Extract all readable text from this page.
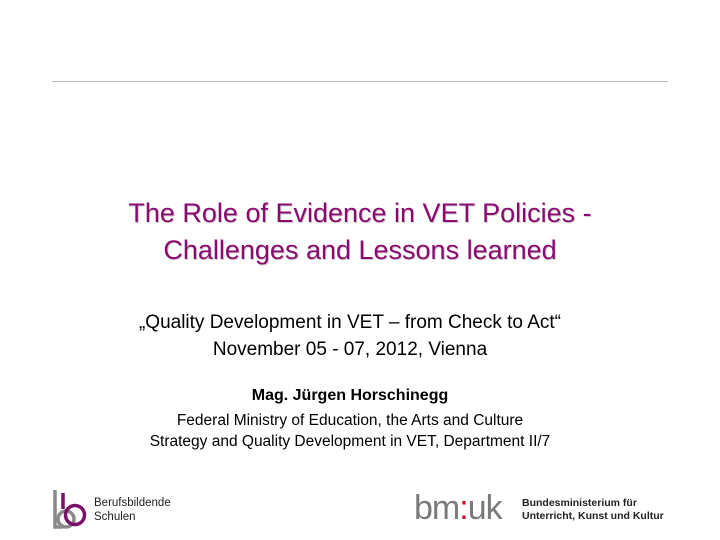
The Role of Evidence in VET Policies -
Challenges and Lessons learned
„Quality Development in VET – from Check to Act“
November 05 - 07, 2012, Vienna
Mag. Jürgen Horschinegg
Federal Ministry of Education, the Arts and Culture
Strategy and Quality Development in VET, Department II/7
Berufsbildende
Schulen	bm:uk Bundesministerium für
Unterricht, Kunst und Kultur
